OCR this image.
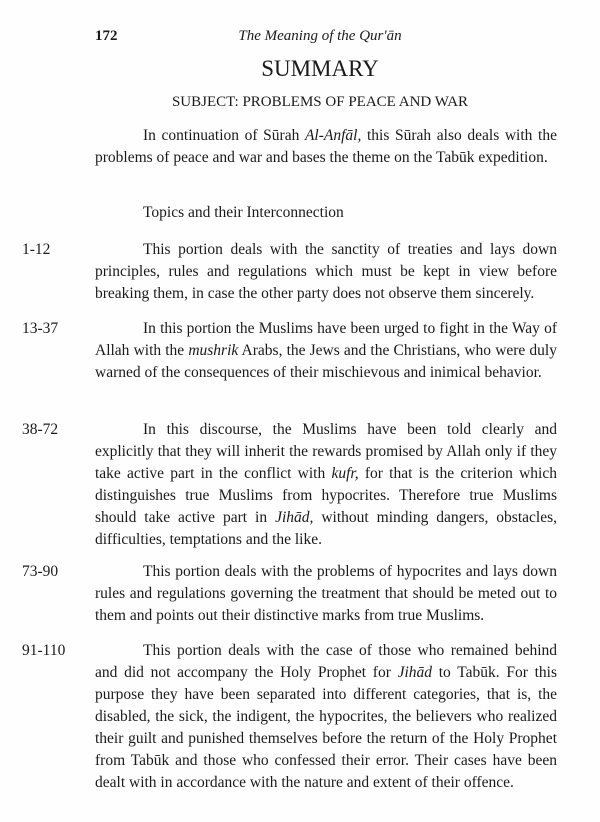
172	The Meaning of the Qur'ān
SUMMARY
SUBJECT: PROBLEMS OF PEACE AND WAR
In continuation of Sūrah Al-Anfāl, this Sūrah also deals with the problems of peace and war and bases the theme on the Tabūk expedition.
Topics and their Interconnection
1-12	This portion deals with the sanctity of treaties and lays down principles, rules and regulations which must be kept in view before breaking them, in case the other party does not observe them sincerely.
13-37	In this portion the Muslims have been urged to fight in the Way of Allah with the mushrik Arabs, the Jews and the Christians, who were duly warned of the consequences of their mischievous and inimical behavior.
38-72	In this discourse, the Muslims have been told clearly and explicitly that they will inherit the rewards promised by Allah only if they take active part in the conflict with kufr, for that is the criterion which distinguishes true Muslims from hypocrites. Therefore true Muslims should take active part in Jihād, without minding dangers, obstacles, difficulties, temptations and the like.
73-90	This portion deals with the problems of hypocrites and lays down rules and regulations governing the treatment that should be meted out to them and points out their distinctive marks from true Muslims.
91-110	This portion deals with the case of those who remained behind and did not accompany the Holy Prophet for Jihād to Tabūk. For this purpose they have been separated into different categories, that is, the disabled, the sick, the indigent, the hypocrites, the believers who realized their guilt and punished themselves before the return of the Holy Prophet from Tabūk and those who confessed their error. Their cases have been dealt with in accordance with the nature and extent of their offence.
